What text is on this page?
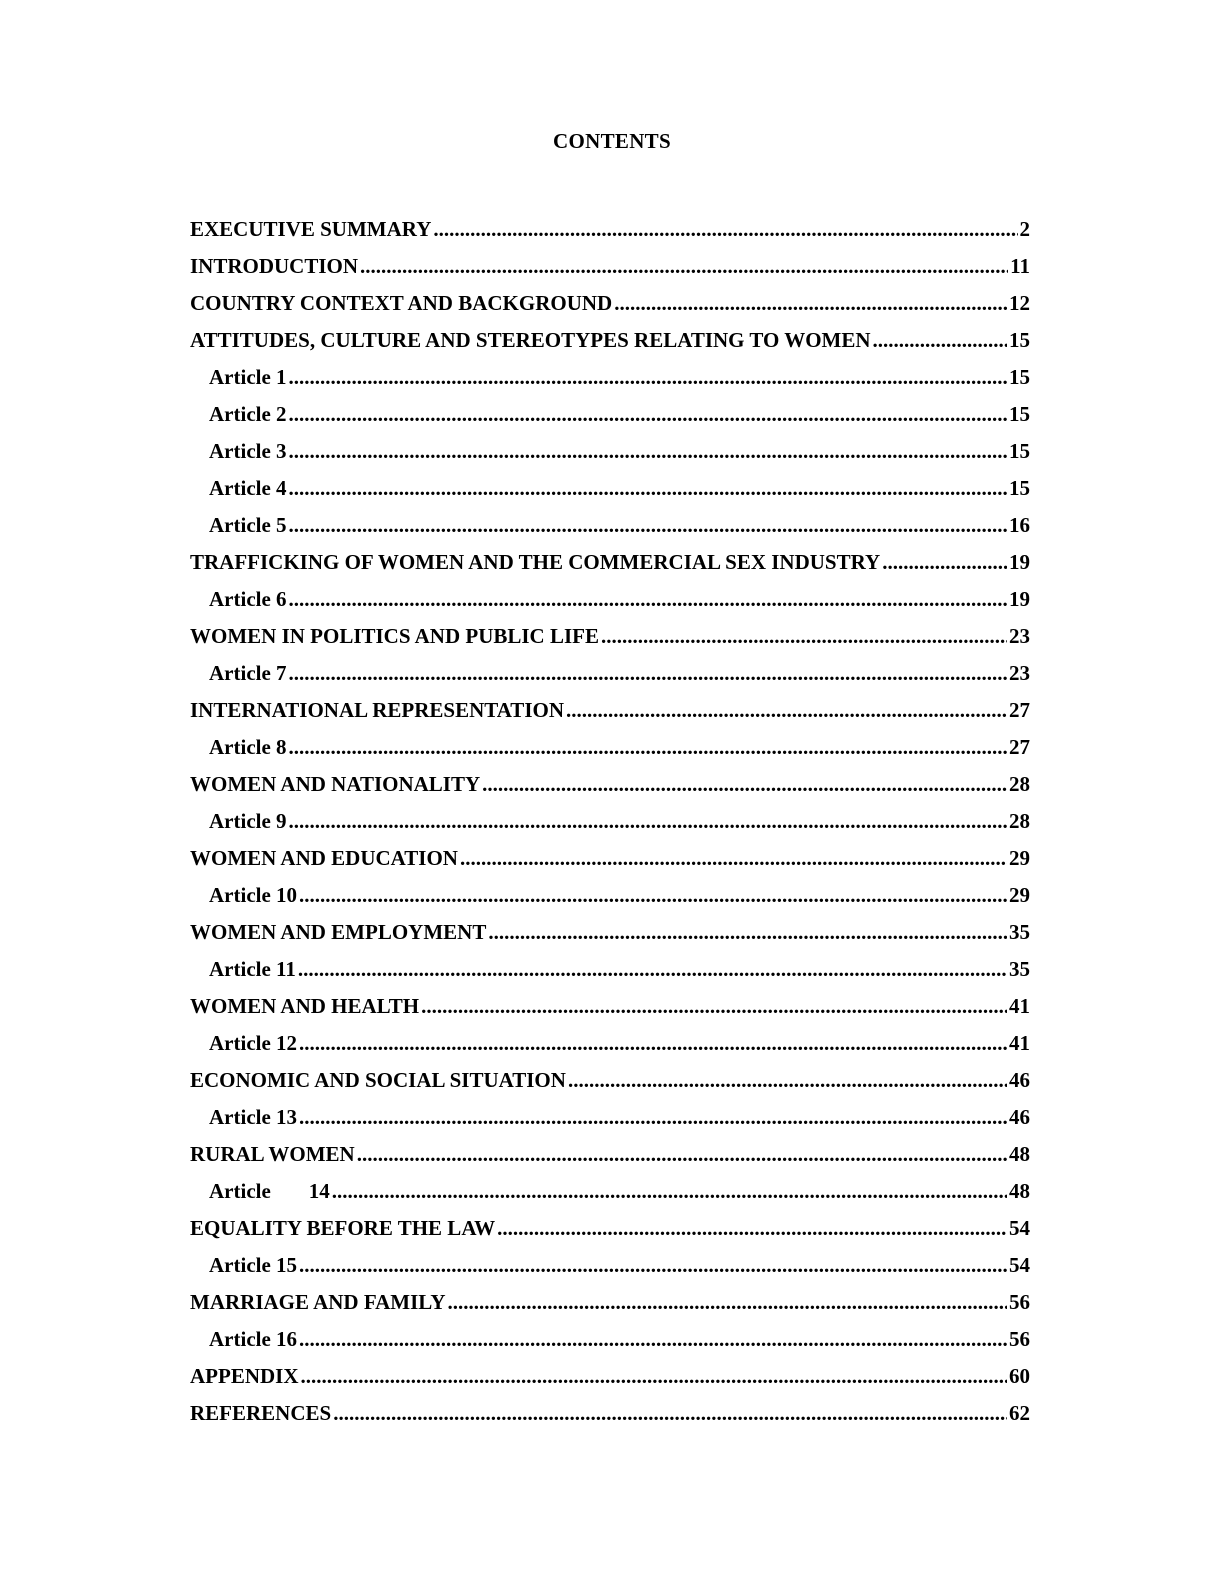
CONTENTS
EXECUTIVE SUMMARY .....	2
INTRODUCTION .....	11
COUNTRY CONTEXT AND BACKGROUND .....	12
ATTITUDES, CULTURE AND STEREOTYPES RELATING TO WOMEN .....	15
Article 1 .....	15
Article 2 .....	15
Article 3 .....	15
Article 4 .....	15
Article 5 .....	16
TRAFFICKING OF WOMEN AND THE COMMERCIAL SEX INDUSTRY .....	19
Article 6 .....	19
WOMEN IN POLITICS AND PUBLIC LIFE .....	23
Article 7 .....	23
INTERNATIONAL REPRESENTATION .....	27
Article 8 .....	27
WOMEN AND NATIONALITY .....	28
Article 9 .....	28
WOMEN AND EDUCATION .....	29
Article 10 .....	29
WOMEN AND EMPLOYMENT .....	35
Article 11 .....	35
WOMEN AND HEALTH .....	41
Article 12 .....	41
ECONOMIC AND SOCIAL SITUATION .....	46
Article 13 .....	46
RURAL WOMEN .....	48
Article 14 .....	48
EQUALITY BEFORE THE LAW .....	54
Article 15 .....	54
MARRIAGE AND FAMILY .....	56
Article 16 .....	56
APPENDIX .....	60
REFERENCES .....	62
